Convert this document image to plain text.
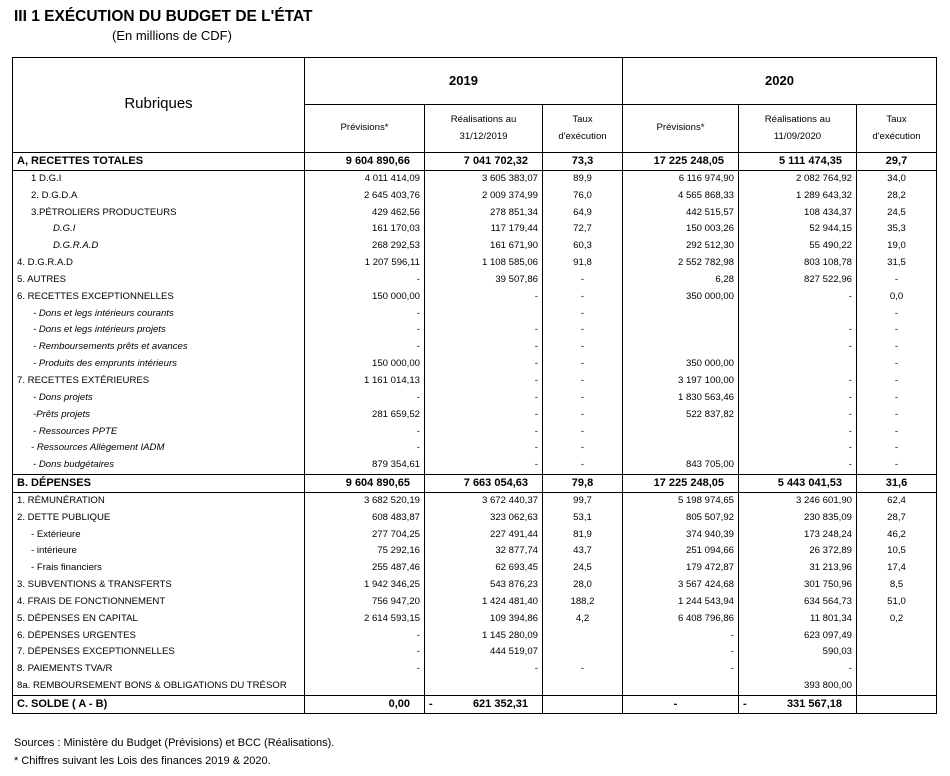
III 1 EXÉCUTION DU BUDGET DE L'ÉTAT
(En millions de CDF)
Rubriques	2019			2020		
	Prévisions*	Réalisations au 31/12/2019	Taux d'exécution	Prévisions*	Réalisations au 11/09/2020	Taux d'exécution
A, RECETTES TOTALES	9 604 890,66	7 041 702,32	73,3	17 225 248,05	5 111 474,35	29,7
1 D.G.I	4 011 414,09	3 605 383,07	89,9	6 116 974,90	2 082 764,92	34,0
2. D.G.D.A	2 645 403,76	2 009 374,99	76,0	4 565 868,33	1 289 643,32	28,2
3.PÉTROLIERS PRODUCTEURS	429 462,56	278 851,34	64,9	442 515,57	108 434,37	24,5
D.G.I	161 170,03	117 179,44	72,7	150 003,26	52 944,15	35,3
D.G.R.A.D	268 292,53	161 671,90	60,3	292 512,30	55 490,22	19,0
4. D.G.R.A.D	1 207 596,11	1 108 585,06	91,8	2 552 782,98	803 108,78	31,5
5. AUTRES	-	39 507,86	-	6,28	827 522,96	-
6. RECETTES EXCEPTIONNELLES	150 000,00	-	-	350 000,00	-	0,0
- Dons et legs intérieurs courants	-		-			-
- Dons et legs intérieurs projets	-	-	-		-	-
- Remboursements prêts et avances	-	-	-		-	-
- Produits des emprunts intérieurs	150 000,00	-	-	350 000,00		-
7. RECETTES EXTÉRIEURES	1 161 014,13	-	-	3 197 100,00	-	-
- Dons projets	-	-	-	1 830 563,46	-	-
-Prêts projets	281 659,52	-	-	522 837,82	-	-
- Ressources PPTE	-	-	-		-	-
- Ressources Allègement IADM	-	-	-		-	-
- Dons budgétaires	879 354,61	-	-	843 705,00	-	-
B. DÉPENSES	9 604 890,65	7 663 054,63	79,8	17 225 248,05	5 443 041,53	31,6
1. RÉMUNÉRATION	3 682 520,19	3 672 440,37	99,7	5 198 974,65	3 246 601,90	62,4
2. DETTE PUBLIQUE	608 483,87	323 062,63	53,1	805 507,92	230 835,09	28,7
- Extérieure	277 704,25	227 491,44	81,9	374 940,39	173 248,24	46,2
- intérieure	75 292,16	32 877,74	43,7	251 094,66	26 372,89	10,5
- Frais financiers	255 487,46	62 693,45	24,5	179 472,87	31 213,96	17,4
3. SUBVENTIONS & TRANSFERTS	1 942 346,25	543 876,23	28,0	3 567 424,68	301 750,96	8,5
4. FRAIS DE FONCTIONNEMENT	756 947,20	1 424 481,40	188,2	1 244 543,94	634 564,73	51,0
5. DÉPENSES EN CAPITAL	2 614 593,15	109 394,86	4,2	6 408 796,86	11 801,34	0,2
6. DÉPENSES URGENTES	-	1 145 280,09		-	623 097,49	
7. DÉPENSES EXCEPTIONNELLES	-	444 519,07		-	590,03	
8. PAIEMENTS TVA/R	-	-	-	-	-	
8a. REMBOURSEMENT BONS & OBLIGATIONS DU TRÉSOR					393 800,00	
C. SOLDE ( A - B)	0,00	- 621 352,31		-	- 331 567,18	
Sources : Ministère du Budget (Prévisions) et BCC (Réalisations).
* Chiffres suivant les Lois des finances 2019 & 2020.
